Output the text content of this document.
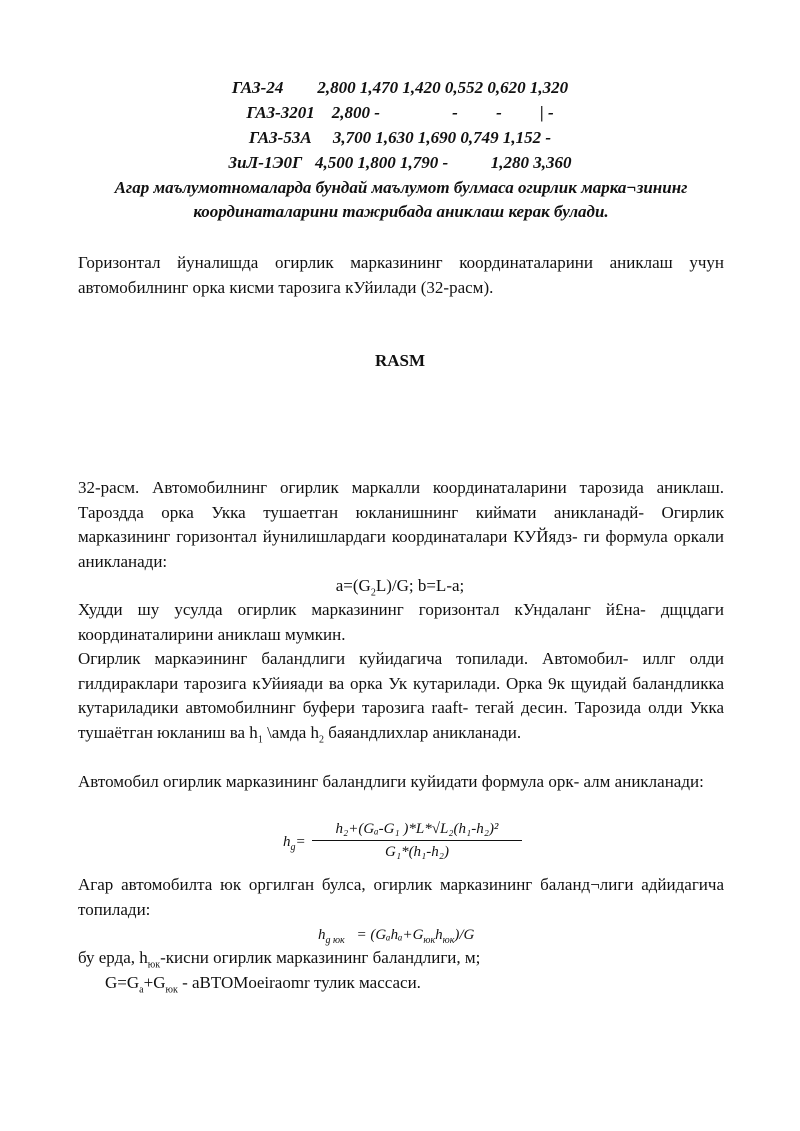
ГАЗ-24        2,800 1,470 1,420 0,552 0,620 1,320
ГАЗ-3201    2,800 -                 -         -         | -
ГАЗ-53А     3,700 1,630 1,690 0,749 1,152 -
ЗиЛ-1Э0Г   4,500 1,800 1,790 -          1,280 3,360
Агар маълумотномаларда бундай маълумот булмаса огирлик марка¬зининг координаталарини тажрибада аниклаш керак булади.
Горизонтал йуналишда огирлик марказининг координаталарини аниклаш учун автомобилнинг орка кисми тарозига кУйилади (32-расм).
RASM
32-расм. Автомобилнинг огирлик маркалли координаталарини тарозида аниклаш. Тароздда орка Укка тушаетган юкланишнинг киймати аникланадй- Огирлик марказининг горизонтал йунилишлардаги координаталари КУЙядз- ги формула оркали аникланади:
$a=(G_2L)/G$; b=L-a;
Худди шу усулда огирлик марказининг горизонтал кУндаланг й£на- дщцдаги координаталирини аниклаш мумкин.
Огирлик маркаэининг баландлиги куйидагича топилади. Автомобил- иллг олди гилдираклари тарозига кУйияади ва орка Ук кутарилади. Орка 9к щуидай баландликка кутариладики автомобилнинг буфери тарозига raaft- тегай десин. Тарозида олди Укка тушаётган юкланиш ва $h_1$ \амда $h_2$ баяандлихлар аникланади.
Автомобил огирлик марказининг баландлиги куйидати формула орк- алм аникланади:
$h_g= \frac{\text{h₂+(Gₐ-G₁ )*L*√L₂(h₁-h₂)²}}{\text{G₁*(h₁-h₂)}}$
Агар автомобилта юк оргилган булса, огирлик марказининг баланд¬лиги адйидагича топилади:
$h_{g юк} = (G_ah_a+G_{юк}h_{юк})/G$
бу ерда, $h_{юк}$-кисни огирлик марказининг баландлиги, м;
$G=G_a+G_{юк}$ - aBTOMoeiraomr тулик массаси.
